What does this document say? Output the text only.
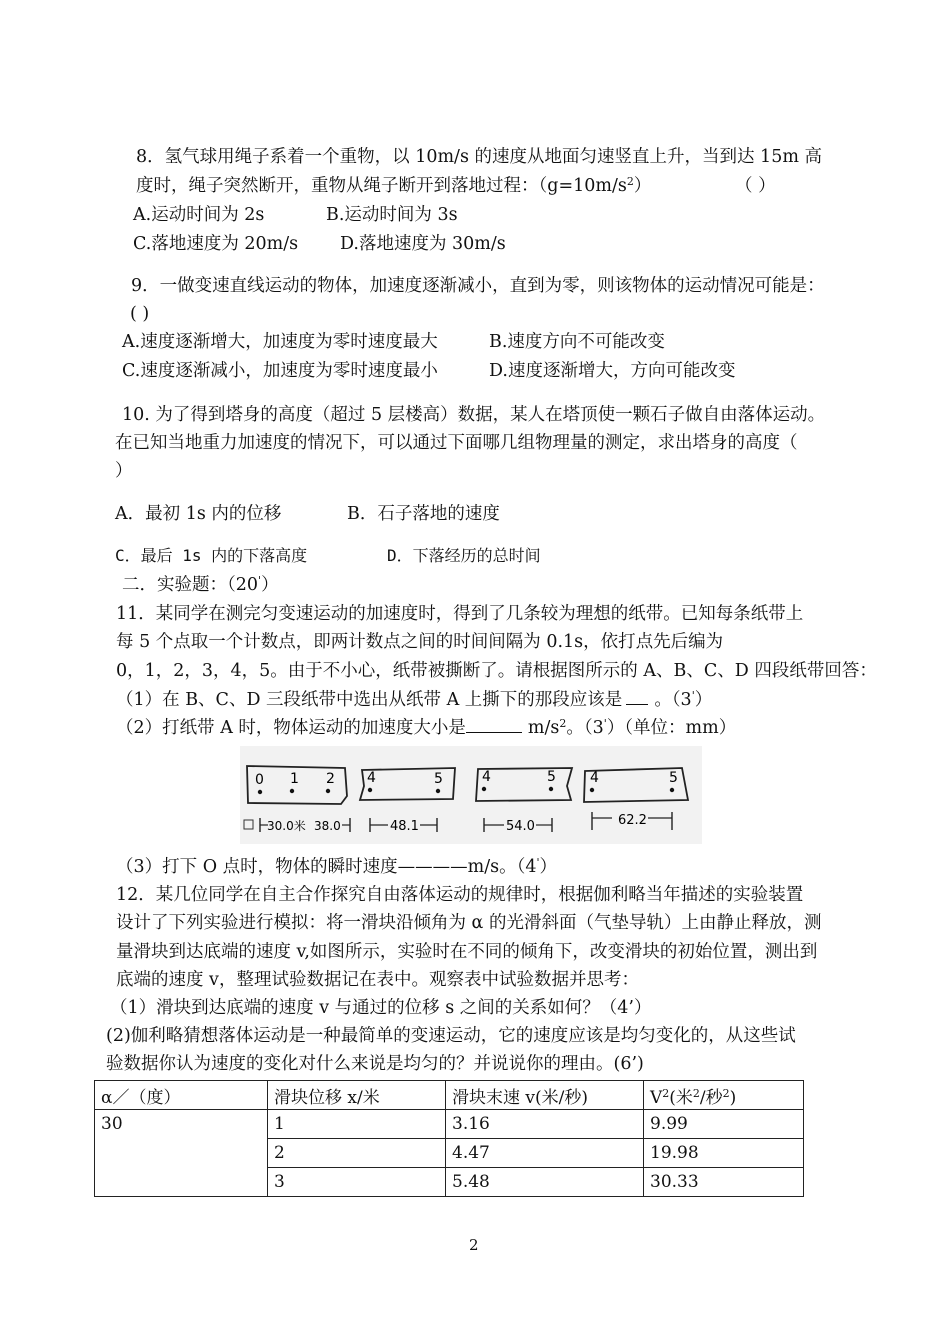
8．氢气球用绳子系着一个重物，以 10m/s 的速度从地面匀速竖直上升，当到达 15m 高
度时，绳子突然断开，重物从绳子断开到落地过程：$(g=10m/s^2)$	（ ）
A.运动时间为 2s	B.运动时间为 3s
C.落地速度为 20m/s D.落地速度为 30m/s
9．一做变速直线运动的物体，加速度逐渐减小，直到为零，则该物体的运动情况可能是：
( )
A.速度逐渐增大，加速度为零时速度最大	B.速度方向不可能改变
C.速度逐渐减小，加速度为零时速度最小	D.速度逐渐增大，方向可能改变
10. 为了得到塔身的高度（超过 5 层楼高）数据，某人在塔顶使一颗石子做自由落体运动。
在已知当地重力加速度的情况下，可以通过下面哪几组物理量的测定，求出塔身的高度（
）
A．最初 1s 内的位移	B．石子落地的速度
C．最后 1s 内的下落高度	D．下落经历的总时间
二．实验题：（20'）
11．某同学在测完匀变速运动的加速度时，得到了几条较为理想的纸带。已知每条纸带上
每 5 个点取一个计数点，即两计数点之间的时间间隔为 0.1s，依打点先后编为
0，1，2，3，4，5。由于不小心，纸带被撕断了。请根据图所示的 A、B、C、D 四段纸带回答：
（1）在 B、C、D 三段纸带中选出从纸带 A 上撕下的那段应该是 。（3'）
（2）打纸带 A 时，物体运动的加速度大小是	$m/s^2$。（3'）（单位：mm）
0 1 2 4	5	4	5 4	5
30.0米 38.0	48.1	54.0	62.2
（3）打下 O 点时，物体的瞬时速度————m/s。（4'）
12．某几位同学在自主合作探究自由落体运动的规律时，根据伽利略当年描述的实验装置
设计了下列实验进行模拟：将一滑块沿倾角为 α 的光滑斜面（气垫导轨）上由静止释放，测
量滑块到达底端的速度 v,如图所示，实验时在不同的倾角下，改变滑块的初始位置，测出到
底端的速度 v，整理试验数据记在表中。观察表中试验数据并思考：
（1）滑块到达底端的速度 v 与通过的位移 s 之间的关系如何？（4’）
(2)伽利略猜想落体运动是一种最简单的变速运动，它的速度应该是均匀变化的，从这些试
验数据你认为速度的变化对什么来说是均匀的？并说说你的理由。(6’)
α／（度）	滑块位移 x/米	滑块末速 v(米/秒)	$V^2$(米$^2$/秒$^2$)
30	1	3.16	9.99
	2	4.47	19.98
	3	5.48	30.33
2
